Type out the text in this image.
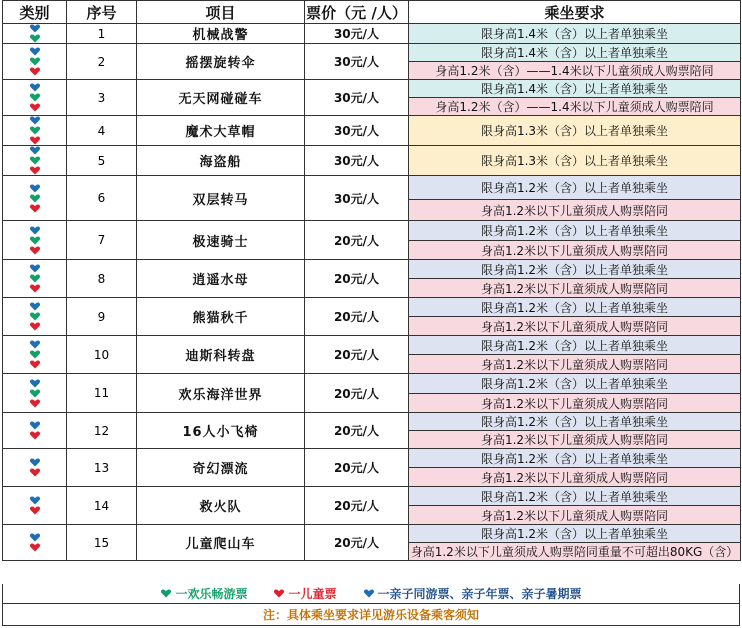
类别	序号	项目	票价（元 /人）	乘坐要求

	1	机械战警	30元/人	限身高1.4米（含）以上者单独乘坐

	2	摇摆旋转伞	30元/人	限身高1.4米（含）以上者单独乘坐
				身高1.2米（含）——1.4米以下儿童须成人购票陪同

	3	无天网碰碰车	30元/人	限身高1.4米（含）以上者单独乘坐
				身高1.2米（含）——1.4米以下儿童须成人购票陪同

	4	魔术大草帽	30元/人	限身高1.3米（含）以上者单独乘坐

	5	海盗船	30元/人	限身高1.3米（含）以上者单独乘坐

	6	双层转马	30元/人	限身高1.2米（含）以上者单独乘坐
				身高1.2米以下儿童须成人购票陪同

	7	极速骑士	20元/人	限身高1.2米（含）以上者单独乘坐
				身高1.2米以下儿童须成人购票陪同

	8	逍遥水母	20元/人	限身高1.2米（含）以上者单独乘坐
				身高1.2米以下儿童须成人购票陪同

	9	熊猫秋千	20元/人	限身高1.2米（含）以上者单独乘坐
				身高1.2米以下儿童须成人购票陪同

	10	迪斯科转盘	20元/人	限身高1.2米（含）以上者单独乘坐
				身高1.2米以下儿童须成人购票陪同

	11	欢乐海洋世界	20元/人	限身高1.2米（含）以上者单独乘坐
				身高1.2米以下儿童须成人购票陪同

	12	16人小飞椅	20元/人	限身高1.2米（含）以上者单独乘坐
				身高1.2米以下儿童须成人购票陪同

	13	奇幻漂流	20元/人	限身高1.2米（含）以上者单独乘坐
				身高1.2米以下儿童须成人购票陪同

	14	救火队	20元/人	限身高1.2米（含）以上者单独乘坐
				身高1.2米以下儿童须成人购票陪同

	15	儿童爬山车	20元/人	限身高1.2米（含）以上者单独乘坐
				身高1.2米以下儿童须成人购票陪同重量不可超出80KG（含）
一欢乐畅游票	一儿童票	一亲子同游票、亲子年票、亲子暑期票
注：具体乘坐要求详见游乐设备乘客须知
